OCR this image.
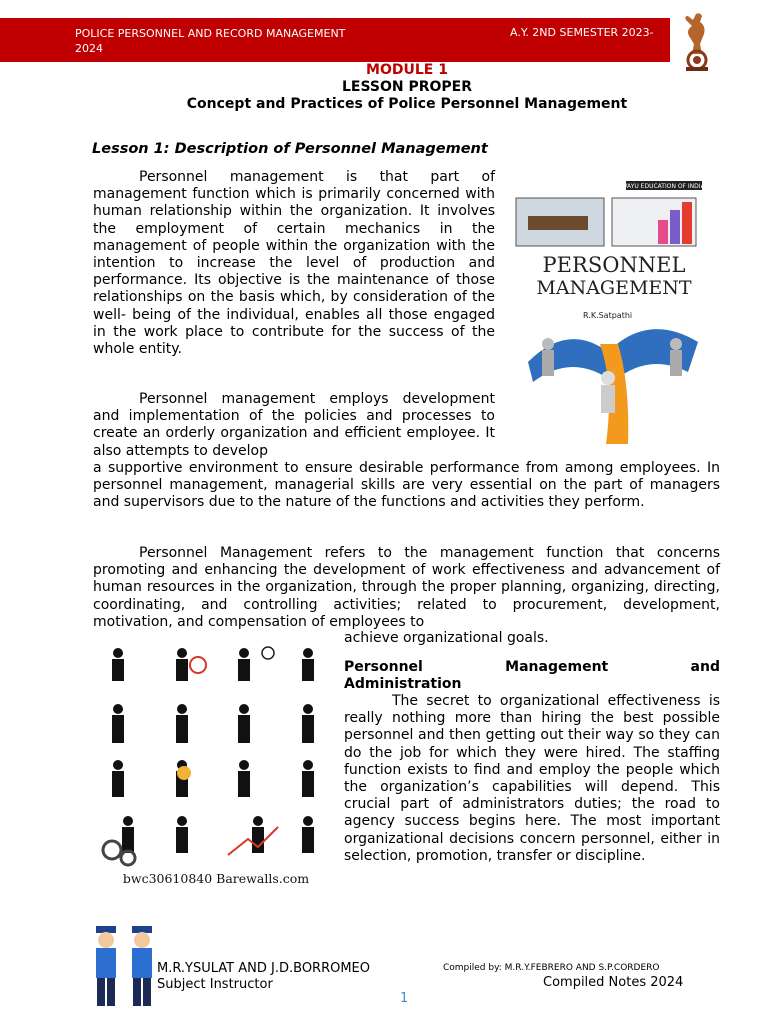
POLICE PERSONNEL AND RECORD MANAGEMENT 2024
A.Y. 2ND SEMESTER 2023-
MODULE 1
LESSON PROPER
Concept and Practices of Police Personnel Management
Lesson 1: Description of Personnel Management

Personnel management is that part of management function which is primarily concerned with human relationship within the organization. It involves the employment of certain mechanics in the management of people within the organization with the intention to increase the level of production and performance. Its objective is the maintenance of those relationships on the basis which, by consideration of the well- being of the individual, enables all those engaged in the work place to contribute for the success of the whole entity.

Personnel management employs development and implementation of the policies and processes to create an orderly organization and efficient employee. It also attempts to develop

a supportive environment to ensure desirable performance from among employees. In personnel management, managerial skills are very essential on the part of managers and supervisors due to the nature of the functions and activities they perform.

Personnel Management refers to the management function that concerns promoting and enhancing the development of work effectiveness and advancement of human resources in the organization, through the proper planning, organizing, directing, coordinating, and controlling activities; related to procurement, development, motivation, and compensation of employees to

achieve organizational goals.
Personnel Management and
Administration

The secret to organizational effectiveness is really nothing more than hiring the best possible personnel and then getting out their way so they can do the job for which they were hired. The staffing function exists to find and employ the people which the organization’s capabilities will depend. This crucial part of administrators duties; the road to agency success begins here. The most important organizational decisions concern personnel, either in selection, promotion, transfer or discipline.

VAYU EDUCATION OF INDIA
PERSONNEL
MANAGEMENT
R.K.Satpathi
bwc30610840 Barewalls.com
M.R.YSULAT AND J.D.BORROMEO
Subject Instructor
Compiled by: M.R.Y.FEBRERO AND S.P.CORDERO
Compiled Notes 2024
1
